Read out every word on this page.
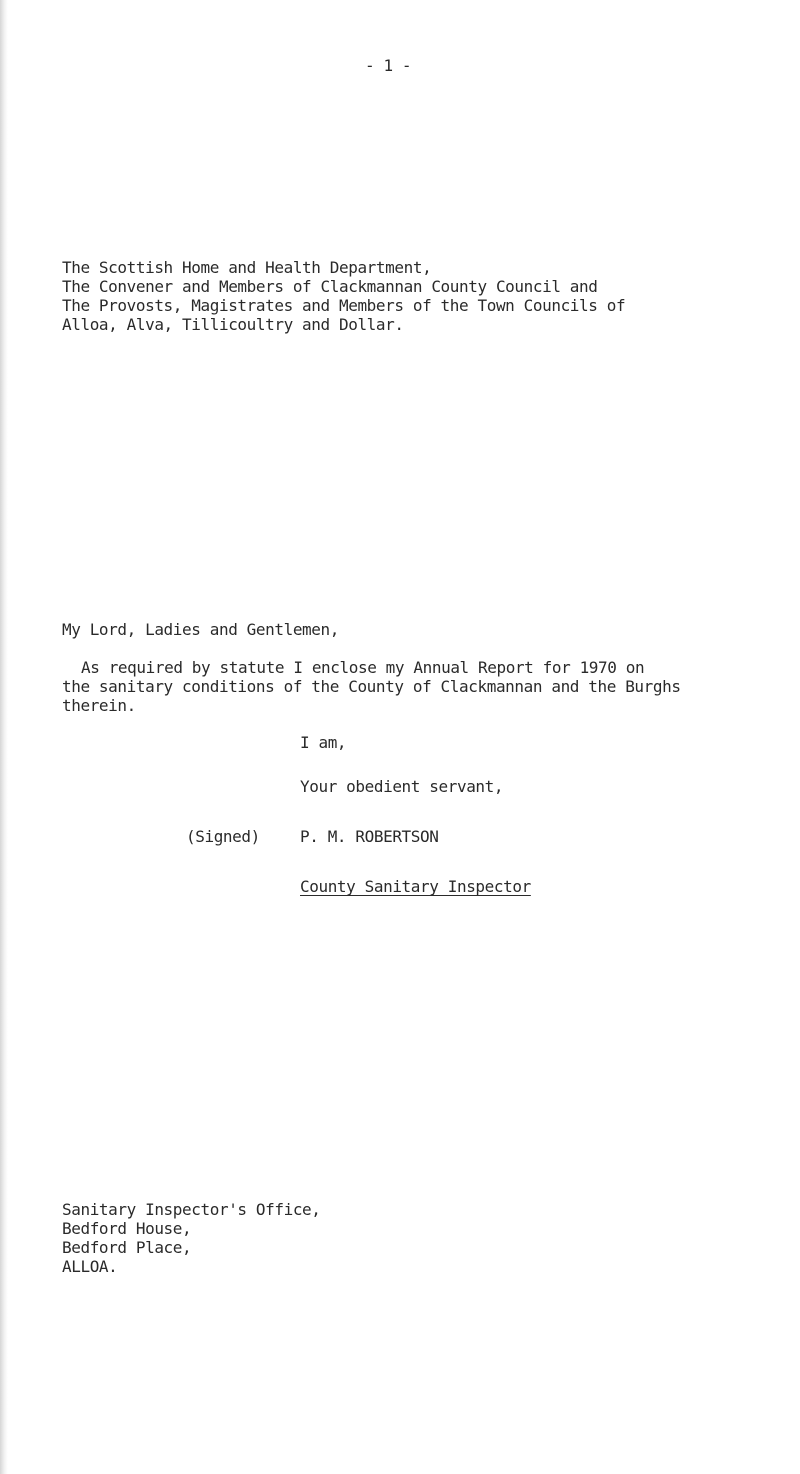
- 1 -
The Scottish Home and Health Department,
The Convener and Members of Clackmannan County Council and
The Provosts, Magistrates and Members of the Town Councils of
Alloa, Alva, Tillicoultry and Dollar.
My Lord, Ladies and Gentlemen,
As required by statute I enclose my Annual Report for 1970 on
the sanitary conditions of the County of Clackmannan and the Burghs
therein.
I am,
Your obedient servant,
(Signed)	P. M. ROBERTSON
County Sanitary Inspector
Sanitary Inspector's Office,
Bedford House,
Bedford Place,
ALLOA.
